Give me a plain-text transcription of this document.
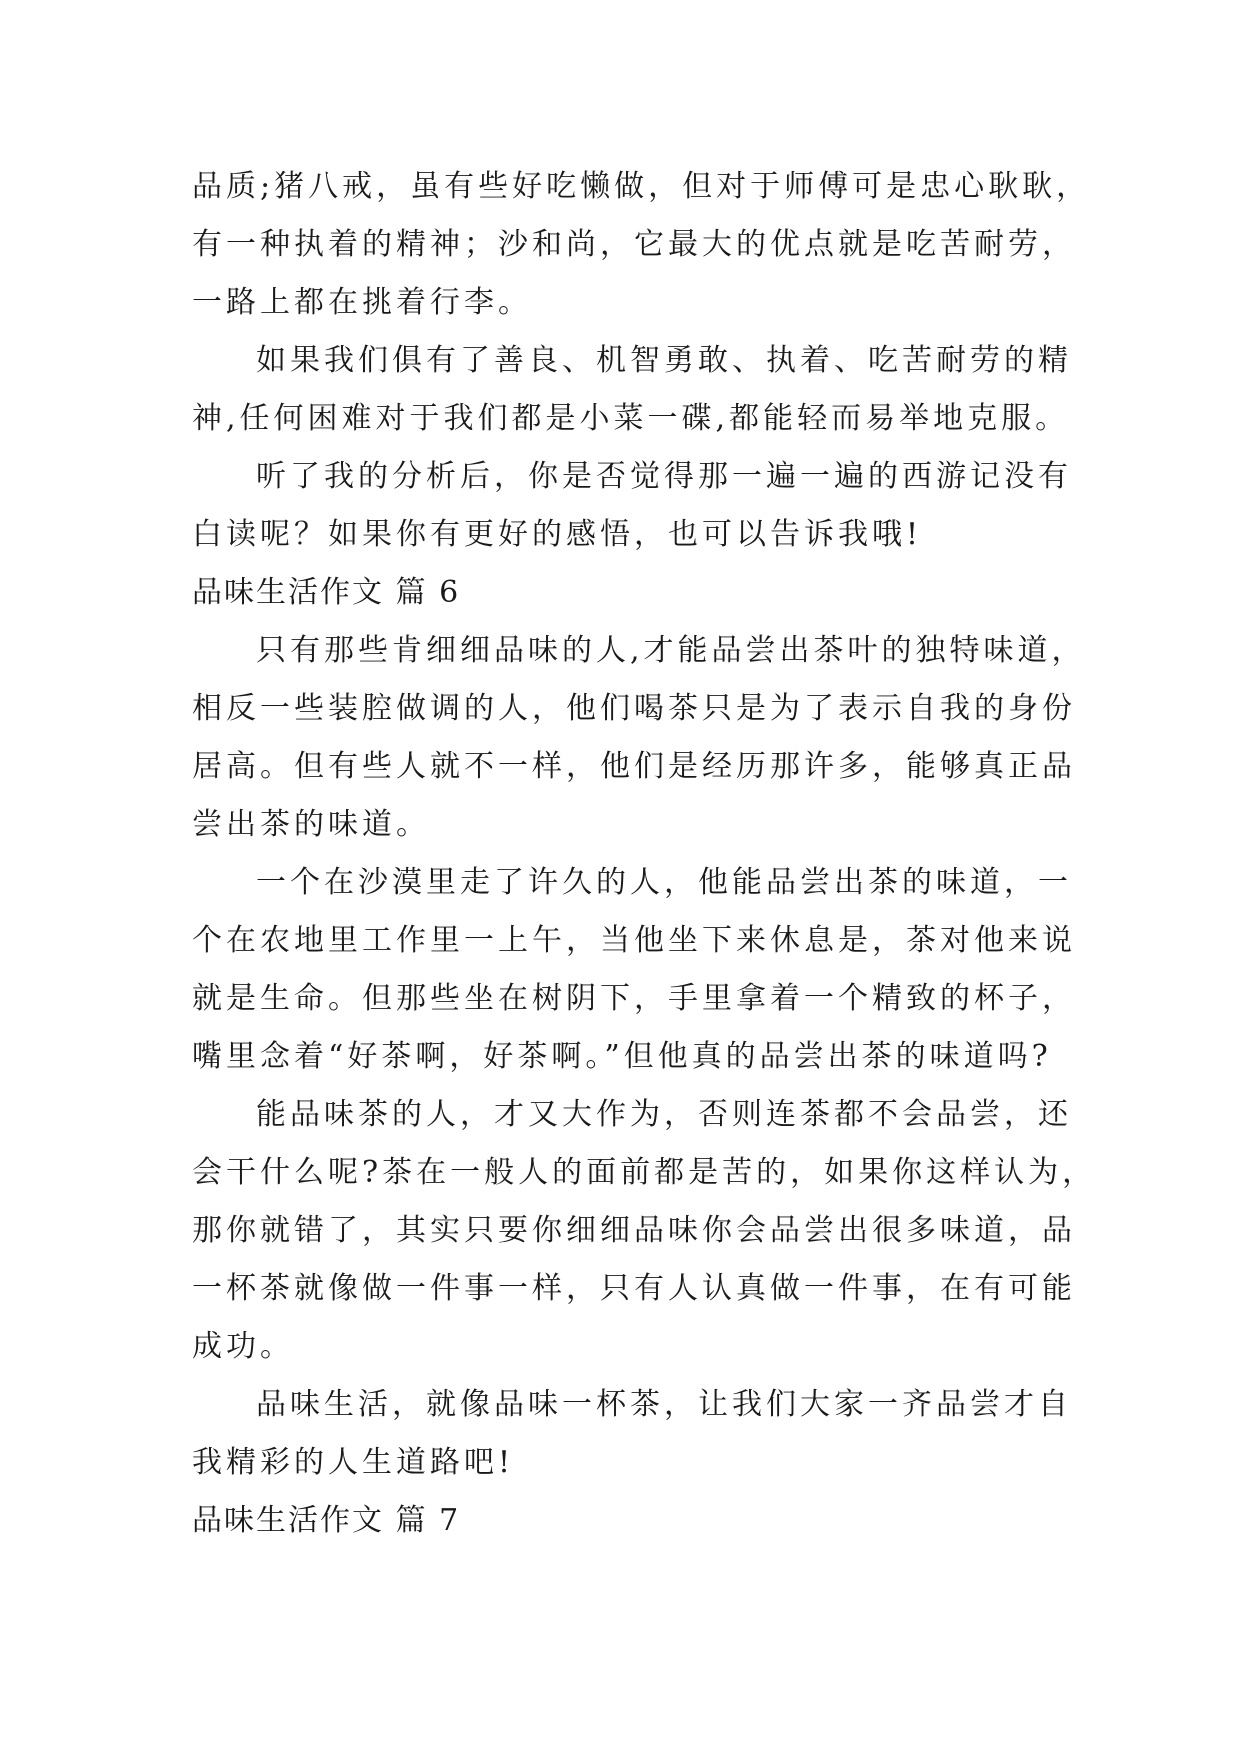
品质;猪八戒，虽有些好吃懒做，但对于师傅可是忠心耿耿，
有一种执着的精神；沙和尚，它最大的优点就是吃苦耐劳，
一路上都在挑着行李。
如果我们俱有了善良、机智勇敢、执着、吃苦耐劳的精
神,任何困难对于我们都是小菜一碟,都能轻而易举地克服。
听了我的分析后，你是否觉得那一遍一遍的西游记没有
白读呢？如果你有更好的感悟，也可以告诉我哦!
品味生活作文 篇 6
只有那些肯细细品味的人,才能品尝出茶叶的独特味道，
相反一些装腔做调的人，他们喝茶只是为了表示自我的身份
居高。但有些人就不一样，他们是经历那许多，能够真正品
尝出茶的味道。
一个在沙漠里走了许久的人，他能品尝出茶的味道，一
个在农地里工作里一上午，当他坐下来休息是，茶对他来说
就是生命。但那些坐在树阴下，手里拿着一个精致的杯子，
嘴里念着“好茶啊，好茶啊。”但他真的品尝出茶的味道吗?
能品味茶的人，才又大作为，否则连茶都不会品尝，还
会干什么呢?茶在一般人的面前都是苦的，如果你这样认为，
那你就错了，其实只要你细细品味你会品尝出很多味道，品
一杯茶就像做一件事一样，只有人认真做一件事，在有可能
成功。
品味生活，就像品味一杯茶，让我们大家一齐品尝才自
我精彩的人生道路吧!
品味生活作文 篇 7
